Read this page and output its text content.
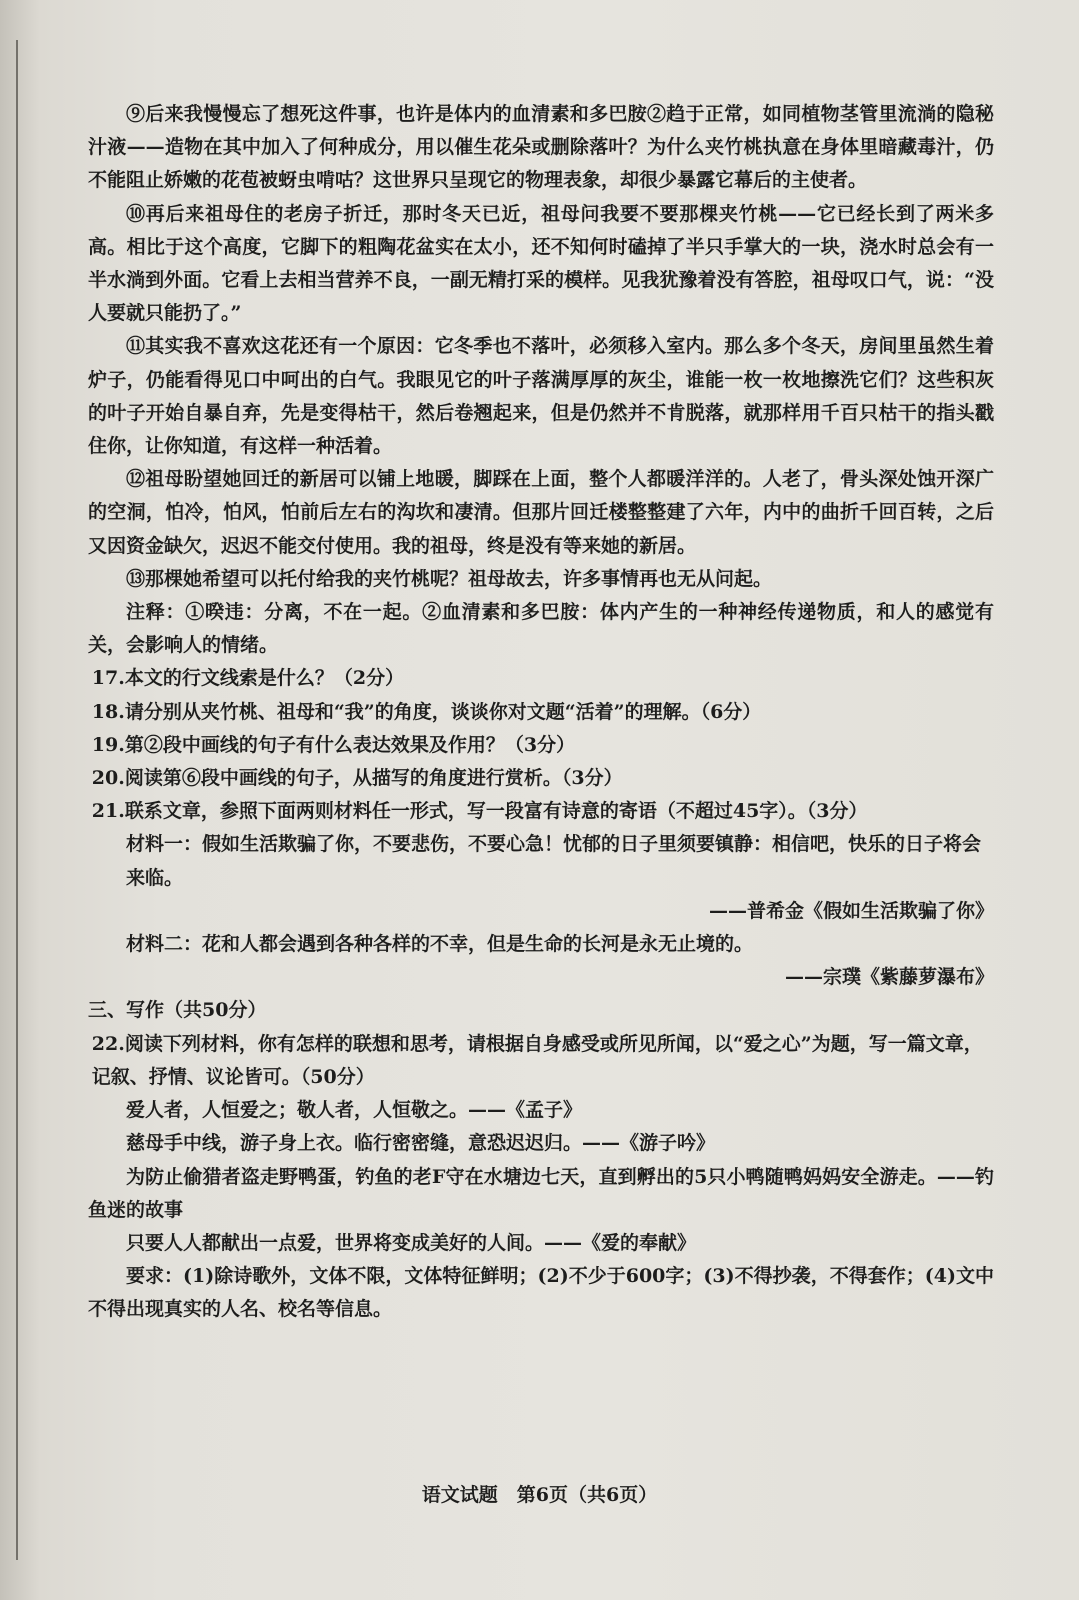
⑨后来我慢慢忘了想死这件事，也许是体内的血清素和多巴胺②趋于正常，如同植物茎管里流淌的隐秘汁液——造物在其中加入了何种成分，用以催生花朵或删除落叶？为什么夹竹桃执意在身体里暗藏毒汁，仍不能阻止娇嫩的花苞被蚜虫啃咕？这世界只呈现它的物理表象，却很少暴露它幕后的主使者。

⑩再后来祖母住的老房子折迁，那时冬天已近，祖母问我要不要那棵夹竹桃——它已经长到了两米多高。相比于这个高度，它脚下的粗陶花盆实在太小，还不知何时磕掉了半只手掌大的一块，浇水时总会有一半水淌到外面。它看上去相当营养不良，一副无精打采的模样。见我犹豫着没有答腔，祖母叹口气，说：“没人要就只能扔了。”

⑪其实我不喜欢这花还有一个原因：它冬季也不落叶，必须移入室内。那么多个冬天，房间里虽然生着炉子，仍能看得见口中呵出的白气。我眼见它的叶子落满厚厚的灰尘，谁能一枚一枚地擦洗它们？这些积灰的叶子开始自暴自弃，先是变得枯干，然后卷翘起来，但是仍然并不肯脱落，就那样用千百只枯干的指头戳住你，让你知道，有这样一种活着。

⑫祖母盼望她回迁的新居可以铺上地暖，脚踩在上面，整个人都暖洋洋的。人老了，骨头深处蚀开深广的空洞，怕冷，怕风，怕前后左右的沟坎和凄清。但那片回迁楼整整建了六年，内中的曲折千回百转，之后又因资金缺欠，迟迟不能交付使用。我的祖母，终是没有等来她的新居。

⑬那棵她希望可以托付给我的夹竹桃呢？祖母故去，许多事情再也无从问起。

注释：①暌违：分离，不在一起。②血清素和多巴胺：体内产生的一种神经传递物质，和人的感觉有关，会影响人的情绪。

17.本文的行文线索是什么？（2分）

18.请分别从夹竹桃、祖母和“我”的角度，谈谈你对文题“活着”的理解。（6分）

19.第②段中画线的句子有什么表达效果及作用？（3分）

20.阅读第⑥段中画线的句子，从描写的角度进行赏析。（3分）

21.联系文章，参照下面两则材料任一形式，写一段富有诗意的寄语（不超过45字）。（3分）

材料一：假如生活欺骗了你，不要悲伤，不要心急！忧郁的日子里须要镇静：相信吧，快乐的日子将会来临。

——普希金《假如生活欺骗了你》

材料二：花和人都会遇到各种各样的不幸，但是生命的长河是永无止境的。

——宗璞《紫藤萝瀑布》

三、写作（共50分）

22.阅读下列材料，你有怎样的联想和思考，请根据自身感受或所见所闻，以“爱之心”为题，写一篇文章，记叙、抒情、议论皆可。（50分）

爱人者，人恒爱之；敬人者，人恒敬之。——《孟子》

慈母手中线，游子身上衣。临行密密缝，意恐迟迟归。——《游子吟》

为防止偷猎者盗走野鸭蛋，钓鱼的老F守在水塘边七天，直到孵出的5只小鸭随鸭妈妈安全游走。——钓鱼迷的故事

只要人人都献出一点爱，世界将变成美好的人间。——《爱的奉献》

要求：(1)除诗歌外，文体不限，文体特征鲜明；(2)不少于600字；(3)不得抄袭，不得套作；(4)文中不得出现真实的人名、校名等信息。

语文试题　第6页（共6页）
